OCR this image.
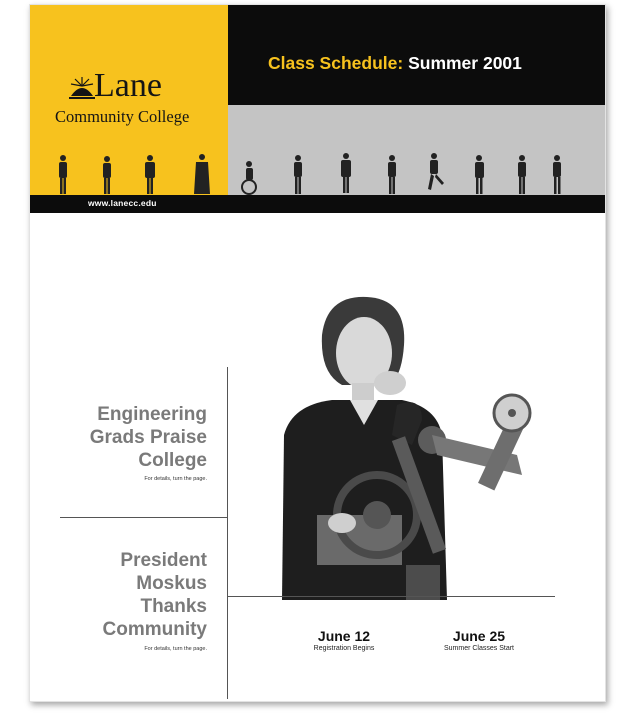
Class Schedule: Summer 2001
Lane
Community College
www.lanecc.edu
Engineering
Grads Praise
College
For details, turn the page.
President
Moskus
Thanks
Community
For details, turn the page.
June 12
Registration Begins
June 25
Summer Classes Start
